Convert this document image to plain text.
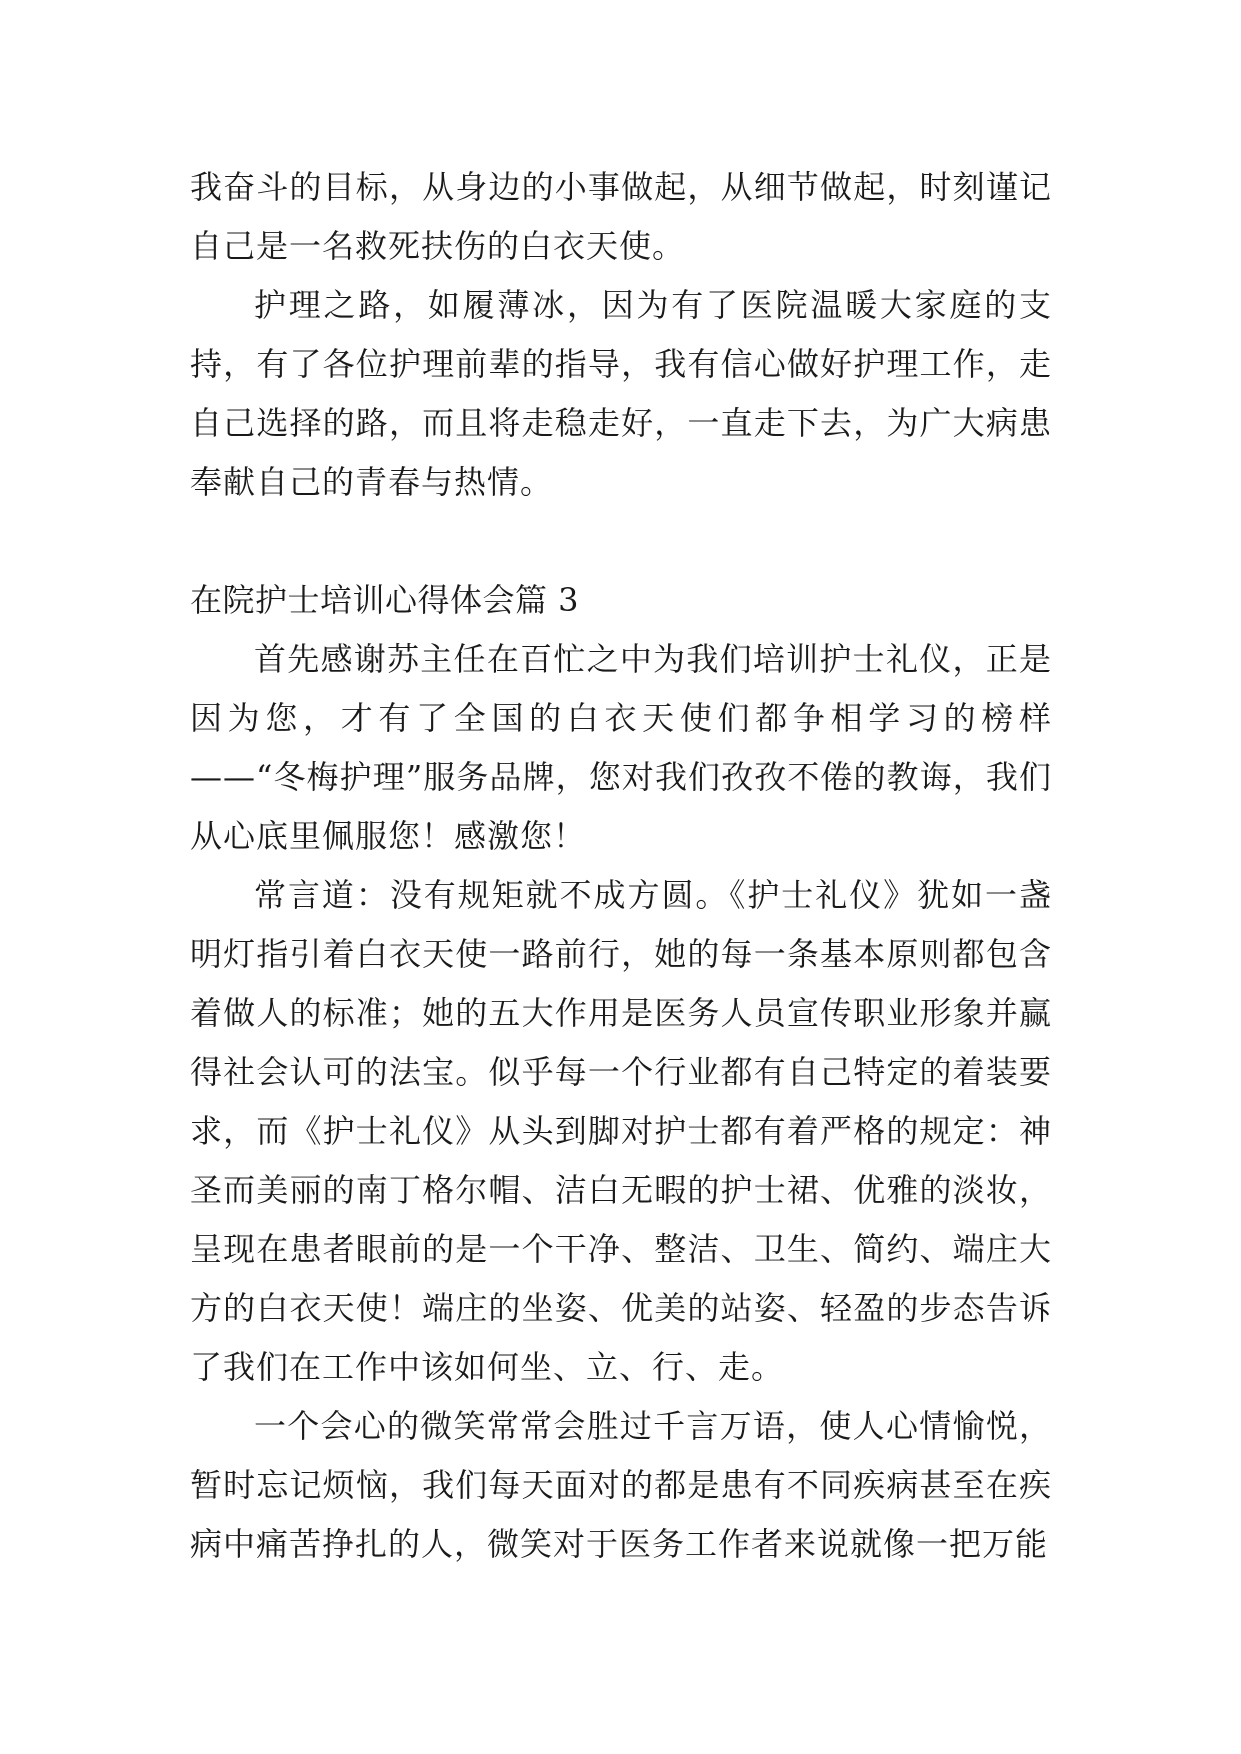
我奋斗的目标，从身边的小事做起，从细节做起，时刻谨记自己是一名救死扶伤的白衣天使。

护理之路，如履薄冰，因为有了医院温暖大家庭的支持，有了各位护理前辈的指导，我有信心做好护理工作，走自己选择的路，而且将走稳走好，一直走下去，为广大病患奉献自己的青春与热情。

在院护士培训心得体会篇 3

首先感谢苏主任在百忙之中为我们培训护士礼仪，正是因为您，才有了全国的白衣天使们都争相学习的榜样——“冬梅护理”服务品牌，您对我们孜孜不倦的教诲，我们从心底里佩服您！感激您！

常言道：没有规矩就不成方圆。《护士礼仪》犹如一盏明灯指引着白衣天使一路前行，她的每一条基本原则都包含着做人的标准；她的五大作用是医务人员宣传职业形象并赢得社会认可的法宝。似乎每一个行业都有自己特定的着装要求，而《护士礼仪》从头到脚对护士都有着严格的规定：神圣而美丽的南丁格尔帽、洁白无暇的护士裙、优雅的淡妆，呈现在患者眼前的是一个干净、整洁、卫生、简约、端庄大方的白衣天使！端庄的坐姿、优美的站姿、轻盈的步态告诉了我们在工作中该如何坐、立、行、走。

一个会心的微笑常常会胜过千言万语，使人心情愉悦，暂时忘记烦恼，我们每天面对的都是患有不同疾病甚至在疾病中痛苦挣扎的人，微笑对于医务工作者来说就像一把万能
